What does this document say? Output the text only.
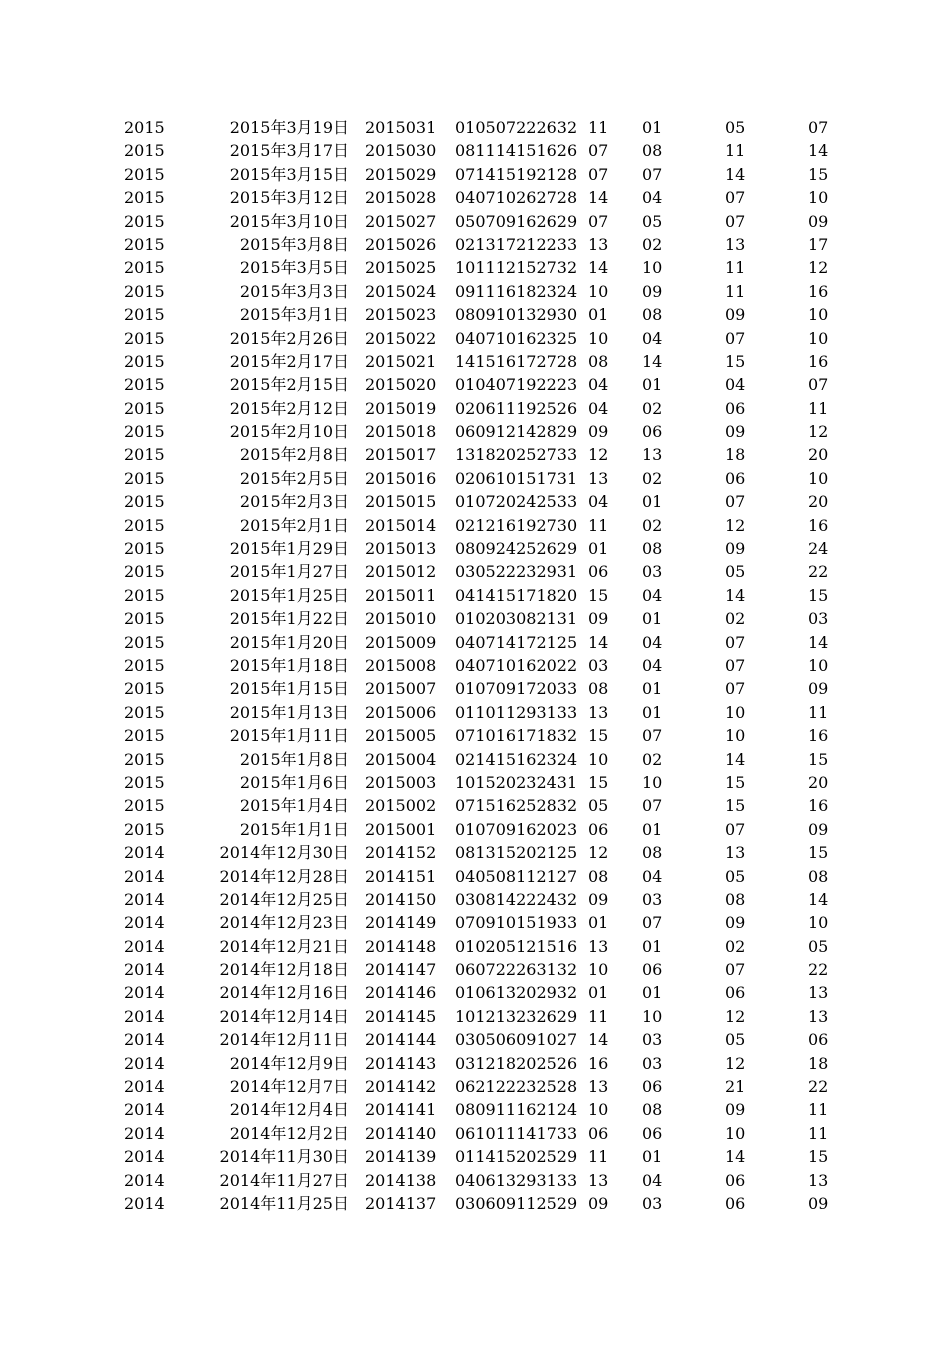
2015	2015年3月19日 2015031 010507222632 11 01	05	07
2015	2015年3月17日 2015030 081114151626 07 08	11	14
2015	2015年3月15日 2015029 071415192128 07 07	14	15
2015	2015年3月12日 2015028 040710262728 14 04	07	10
2015	2015年3月10日 2015027 050709162629 07 05	07	09
2015	2015年3月8日 2015026 021317212233 13 02	13	17
2015	2015年3月5日 2015025 101112152732 14 10	11	12
2015	2015年3月3日 2015024 091116182324 10 09	11	16
2015	2015年3月1日 2015023 080910132930 01 08	09	10
2015	2015年2月26日 2015022 040710162325 10 04	07	10
2015	2015年2月17日 2015021 141516172728 08 14	15	16
2015	2015年2月15日 2015020 010407192223 04 01	04	07
2015	2015年2月12日 2015019 020611192526 04 02	06	11
2015	2015年2月10日 2015018 060912142829 09 06	09	12
2015	2015年2月8日 2015017 131820252733 12 13	18	20
2015	2015年2月5日 2015016 020610151731 13 02	06	10
2015	2015年2月3日 2015015 010720242533 04 01	07	20
2015	2015年2月1日 2015014 021216192730 11 02	12	16
2015	2015年1月29日 2015013 080924252629 01 08	09	24
2015	2015年1月27日 2015012 030522232931 06 03	05	22
2015	2015年1月25日 2015011 041415171820 15 04	14	15
2015	2015年1月22日 2015010 010203082131 09 01	02	03
2015	2015年1月20日 2015009 040714172125 14 04	07	14
2015	2015年1月18日 2015008 040710162022 03 04	07	10
2015	2015年1月15日 2015007 010709172033 08 01	07	09
2015	2015年1月13日 2015006 011011293133 13 01	10	11
2015	2015年1月11日 2015005 071016171832 15 07	10	16
2015	2015年1月8日 2015004 021415162324 10 02	14	15
2015	2015年1月6日 2015003 101520232431 15 10	15	20
2015	2015年1月4日 2015002 071516252832 05 07	15	16
2015	2015年1月1日 2015001 010709162023 06 01	07	09
2014	2014年12月30日 2014152 081315202125 12 08	13	15
2014	2014年12月28日 2014151 040508112127 08 04	05	08
2014	2014年12月25日 2014150 030814222432 09 03	08	14
2014	2014年12月23日 2014149 070910151933 01 07	09	10
2014	2014年12月21日 2014148 010205121516 13 01	02	05
2014	2014年12月18日 2014147 060722263132 10 06	07	22
2014	2014年12月16日 2014146 010613202932 01 01	06	13
2014	2014年12月14日 2014145 101213232629 11 10	12	13
2014	2014年12月11日 2014144 030506091027 14 03	05	06
2014	2014年12月9日 2014143 031218202526 16 03	12	18
2014	2014年12月7日 2014142 062122232528 13 06	21	22
2014	2014年12月4日 2014141 080911162124 10 08	09	11
2014	2014年12月2日 2014140 061011141733 06 06	10	11
2014	2014年11月30日 2014139 011415202529 11 01	14	15
2014	2014年11月27日 2014138 040613293133 13 04	06	13
2014	2014年11月25日 2014137 030609112529 09 03	06	09
